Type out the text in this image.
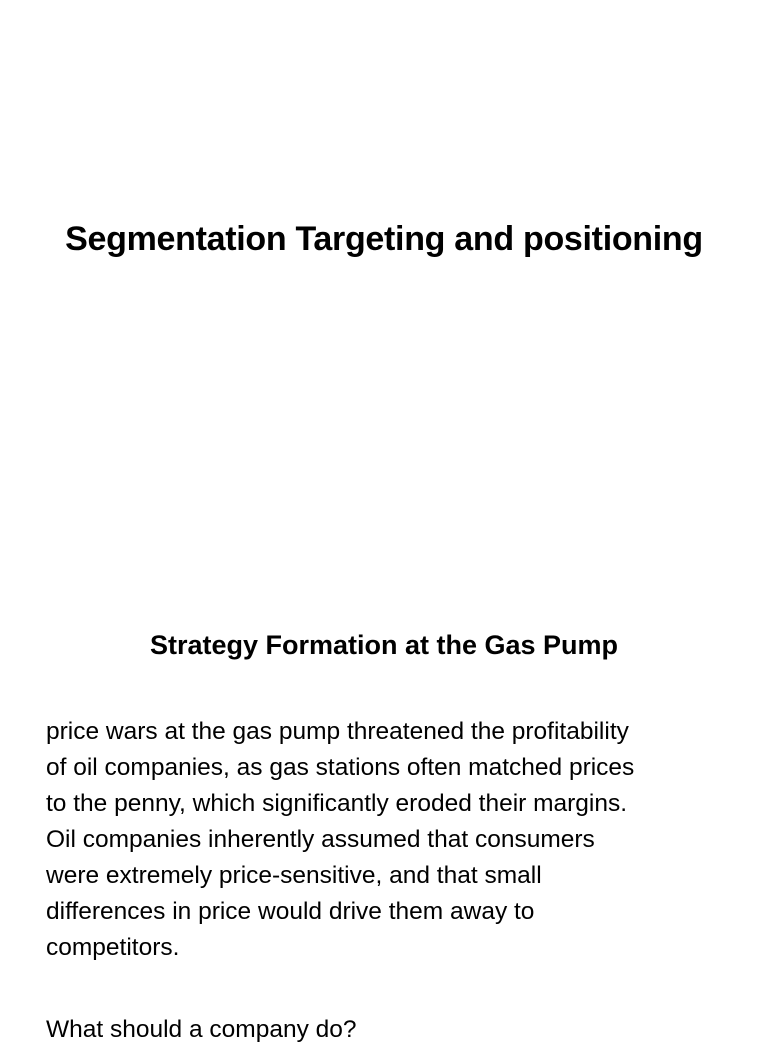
Segmentation Targeting and positioning
Strategy Formation at the Gas Pump

price wars at the gas pump threatened the profitability
of oil companies, as gas stations often matched prices
to the penny, which significantly eroded their margins.
Oil companies inherently assumed that consumers
were extremely price-sensitive, and that small
differences in price would drive them away to
competitors.

What should a company do?
